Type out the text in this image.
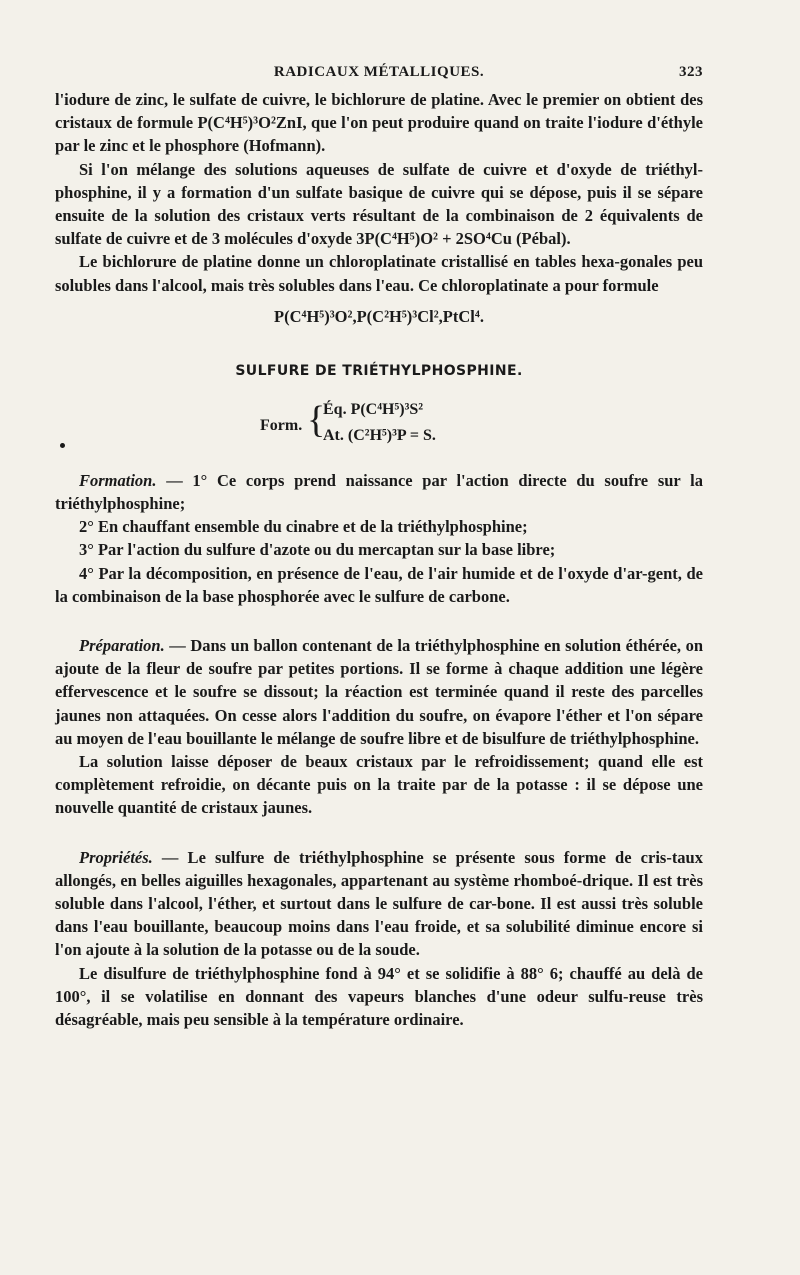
RADICAUX MÉTALLIQUES.	323

l'iodure de zinc, le sulfate de cuivre, le bichlorure de platine. Avec le premier on obtient des cristaux de formule P(C⁴H⁵)³O²ZnI, que l'on peut produire quand on traite l'iodure d'éthyle par le zinc et le phosphore (Hofmann).

Si l'on mélange des solutions aqueuses de sulfate de cuivre et d'oxyde de triéthyl-phosphine, il y a formation d'un sulfate basique de cuivre qui se dépose, puis il se sépare ensuite de la solution des cristaux verts résultant de la combinaison de 2 équivalents de sulfate de cuivre et de 3 molécules d'oxyde 3P(C⁴H⁵)O² + 2SO⁴Cu (Pébal).

Le bichlorure de platine donne un chloroplatinate cristallisé en tables hexa-gonales peu solubles dans l'alcool, mais très solubles dans l'eau. Ce chloroplatinate a pour formule

P(C⁴H⁵)³O²,P(C²H⁵)³Cl²,PtCl⁴.
SULFURE DE TRIÉTHYLPHOSPHINE.
Form. {
Éq. P(C⁴H⁵)³S²
At. (C²H⁵)³P = S.

Formation. — 1° Ce corps prend naissance par l'action directe du soufre sur la triéthylphosphine;

2° En chauffant ensemble du cinabre et de la triéthylphosphine;

3° Par l'action du sulfure d'azote ou du mercaptan sur la base libre;

4° Par la décomposition, en présence de l'eau, de l'air humide et de l'oxyde d'ar-gent, de la combinaison de la base phosphorée avec le sulfure de carbone.

Préparation. — Dans un ballon contenant de la triéthylphosphine en solution éthérée, on ajoute de la fleur de soufre par petites portions. Il se forme à chaque addition une légère effervescence et le soufre se dissout; la réaction est terminée quand il reste des parcelles jaunes non attaquées. On cesse alors l'addition du soufre, on évapore l'éther et l'on sépare au moyen de l'eau bouillante le mélange de soufre libre et de bisulfure de triéthylphosphine.

La solution laisse déposer de beaux cristaux par le refroidissement; quand elle est complètement refroidie, on décante puis on la traite par de la potasse : il se dépose une nouvelle quantité de cristaux jaunes.

Propriétés. — Le sulfure de triéthylphosphine se présente sous forme de cris-taux allongés, en belles aiguilles hexagonales, appartenant au système rhomboé-drique. Il est très soluble dans l'alcool, l'éther, et surtout dans le sulfure de car-bone. Il est aussi très soluble dans l'eau bouillante, beaucoup moins dans l'eau froide, et sa solubilité diminue encore si l'on ajoute à la solution de la potasse ou de la soude.

Le disulfure de triéthylphosphine fond à 94° et se solidifie à 88° 6; chauffé au delà de 100°, il se volatilise en donnant des vapeurs blanches d'une odeur sulfu-reuse très désagréable, mais peu sensible à la température ordinaire.
